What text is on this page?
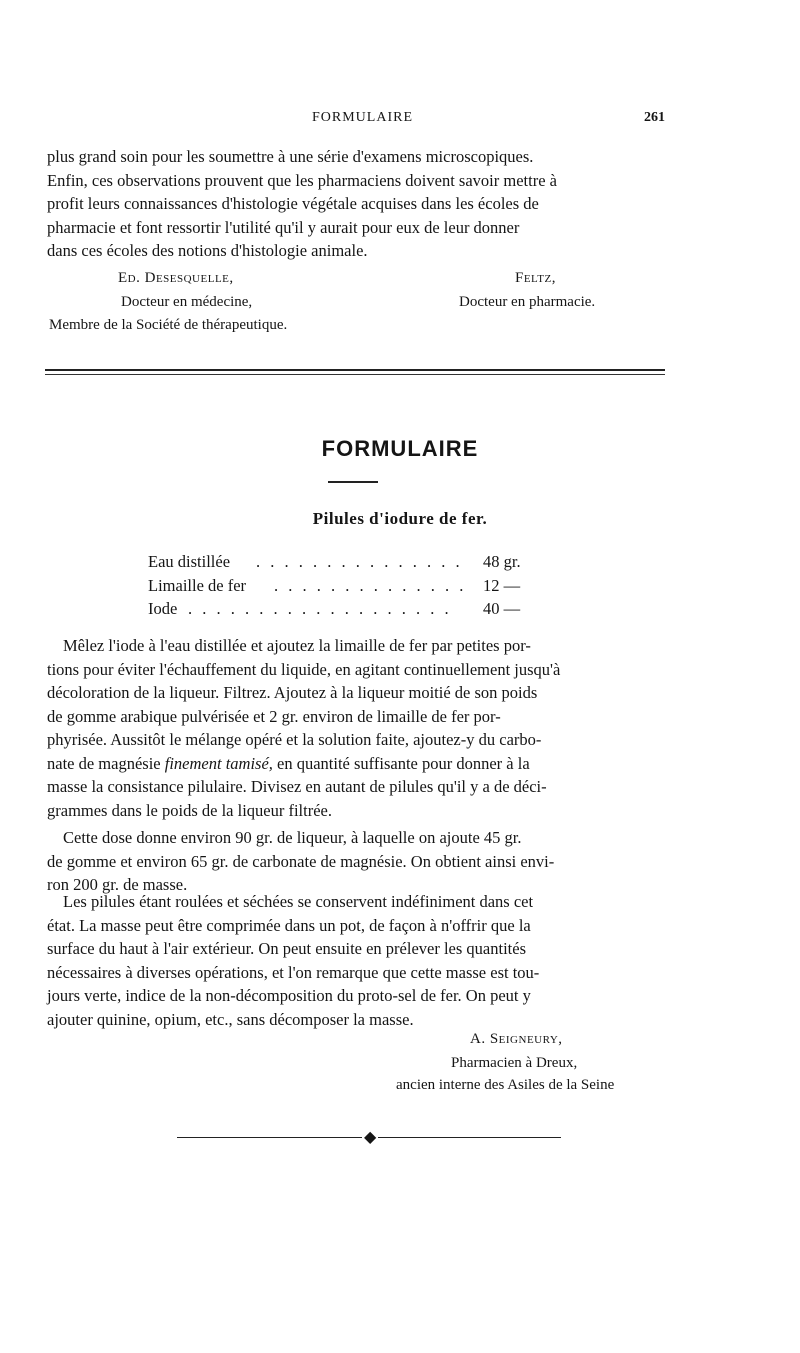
FORMULAIRE	261

plus grand soin pour les soumettre à une série d'examens microscopiques.

Enfin, ces observations prouvent que les pharmaciens doivent savoir mettre à

profit leurs connaissances d'histologie végétale acquises dans les écoles de

pharmacie et font ressortir l'utilité qu'il y aurait pour eux de leur donner

dans ces écoles des notions d'histologie animale.

Ed. Desesquelle,	Feltz,
Docteur en médecine,	Docteur en pharmacie.
Membre de la Société de thérapeutique.
FORMULAIRE
Pilules d'iodure de fer.
Eau distillée . . . . . . . . . . . . . . . 48 gr.
Limaille de fer . . . . . . . . . . . . . . 12 —
Iode . . . . . . . . . . . . . . . . . . . 40 —

Mêlez l'iode à l'eau distillée et ajoutez la limaille de fer par petites por-

tions pour éviter l'échauffement du liquide, en agitant continuellement jusqu'à

décoloration de la liqueur. Filtrez. Ajoutez à la liqueur moitié de son poids

de gomme arabique pulvérisée et 2 gr. environ de limaille de fer por-

phyrisée. Aussitôt le mélange opéré et la solution faite, ajoutez-y du carbo-

nate de magnésie finement tamisé, en quantité suffisante pour donner à la

masse la consistance pilulaire. Divisez en autant de pilules qu'il y a de déci-

grammes dans le poids de la liqueur filtrée.

Cette dose donne environ 90 gr. de liqueur, à laquelle on ajoute 45 gr.

de gomme et environ 65 gr. de carbonate de magnésie. On obtient ainsi envi-

ron 200 gr. de masse.

Les pilules étant roulées et séchées se conservent indéfiniment dans cet

état. La masse peut être comprimée dans un pot, de façon à n'offrir que la

surface du haut à l'air extérieur. On peut ensuite en prélever les quantités

nécessaires à diverses opérations, et l'on remarque que cette masse est tou-

jours verte, indice de la non-décomposition du proto-sel de fer. On peut y

ajouter quinine, opium, etc., sans décomposer la masse.

A. Seigneury,
Pharmacien à Dreux,
ancien interne des Asiles de la Seine
◆
